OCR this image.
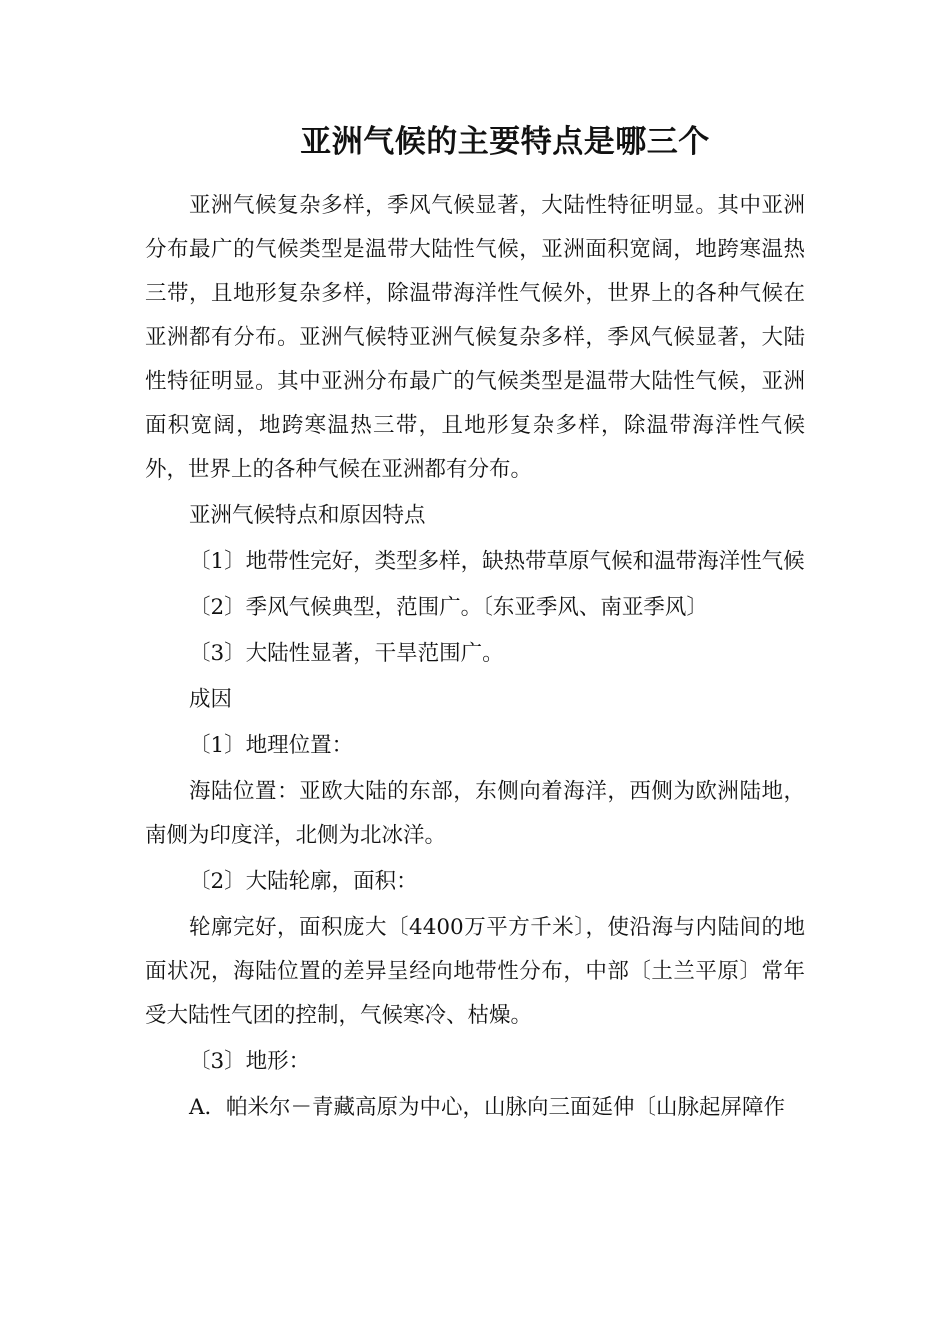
亚洲气候的主要特点是哪三个

亚洲气候复杂多样，季风气候显著，大陆性特征明显。其中亚洲分布最广的气候类型是温带大陆性气候，亚洲面积宽阔，地跨寒温热三带，且地形复杂多样，除温带海洋性气候外，世界上的各种气候在亚洲都有分布。亚洲气候特亚洲气候复杂多样，季风气候显著，大陆性特征明显。其中亚洲分布最广的气候类型是温带大陆性气候，亚洲面积宽阔，地跨寒温热三带，且地形复杂多样，除温带海洋性气候外，世界上的各种气候在亚洲都有分布。

亚洲气候特点和原因特点

〔1〕地带性完好，类型多样，缺热带草原气候和温带海洋性气候

〔2〕季风气候典型，范围广。〔东亚季风、南亚季风〕

〔3〕大陆性显著，干旱范围广。

成因

〔1〕地理位置：

海陆位置：亚欧大陆的东部，东侧向着海洋，西侧为欧洲陆地，南侧为印度洋，北侧为北冰洋。

〔2〕大陆轮廓，面积：

轮廓完好，面积庞大〔4400万平方千米〕，使沿海与内陆间的地面状况，海陆位置的差异呈经向地带性分布，中部〔土兰平原〕常年受大陆性气团的控制，气候寒冷、枯燥。

〔3〕地形：

A．帕米尔－青藏高原为中心，山脉向三面延伸〔山脉起屏障作
